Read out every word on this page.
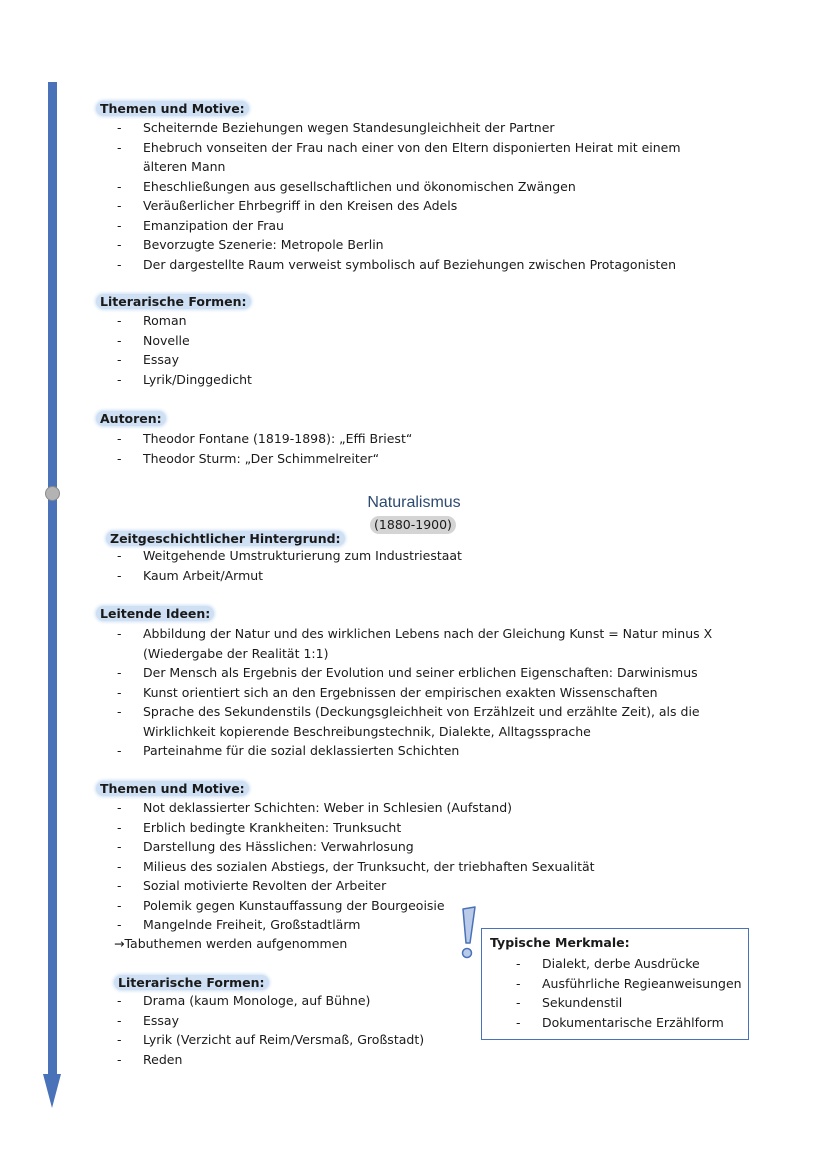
Themen und Motive:
- Scheiternde Beziehungen wegen Standesungleichheit der Partner
- Ehebruch vonseiten der Frau nach einer von den Eltern disponierten Heirat mit einem älteren Mann
- Eheschließungen aus gesellschaftlichen und ökonomischen Zwängen
- Veräußerlicher Ehrbegriff in den Kreisen des Adels
- Emanzipation der Frau
- Bevorzugte Szenerie: Metropole Berlin
- Der dargestellte Raum verweist symbolisch auf Beziehungen zwischen Protagonisten
Literarische Formen:
- Roman
- Novelle
- Essay
- Lyrik/Dinggedicht
Autoren:
- Theodor Fontane (1819-1898): „Effi Briest“
- Theodor Sturm: „Der Schimmelreiter“
Naturalismus
(1880-1900)
Zeitgeschichtlicher Hintergrund:
- Weitgehende Umstrukturierung zum Industriestaat
- Kaum Arbeit/Armut
Leitende Ideen:
- Abbildung der Natur und des wirklichen Lebens nach der Gleichung Kunst = Natur minus X (Wiedergabe der Realität 1:1)
- Der Mensch als Ergebnis der Evolution und seiner erblichen Eigenschaften: Darwinismus
- Kunst orientiert sich an den Ergebnissen der empirischen exakten Wissenschaften
- Sprache des Sekundenstils (Deckungsgleichheit von Erzählzeit und erzählte Zeit), als die Wirklichkeit kopierende Beschreibungstechnik, Dialekte, Alltagssprache
- Parteinahme für die sozial deklassierten Schichten
Themen und Motive:
- Not deklassierter Schichten: Weber in Schlesien (Aufstand)
- Erblich bedingte Krankheiten: Trunksucht
- Darstellung des Hässlichen: Verwahrlosung
- Milieus des sozialen Abstiegs, der Trunksucht, der triebhaften Sexualität
- Sozial motivierte Revolten der Arbeiter
- Polemik gegen Kunstauffassung der Bourgeoisie
- Mangelnde Freiheit, Großstadtlärm
→Tabuthemen werden aufgenommen
Literarische Formen:
- Drama (kaum Monologe, auf Bühne)
- Essay
- Lyrik (Verzicht auf Reim/Versmaß, Großstadt)
- Reden
Typische Merkmale:
- Dialekt, derbe Ausdrücke
- Ausführliche Regieanweisungen
- Sekundenstil
- Dokumentarische Erzählform
